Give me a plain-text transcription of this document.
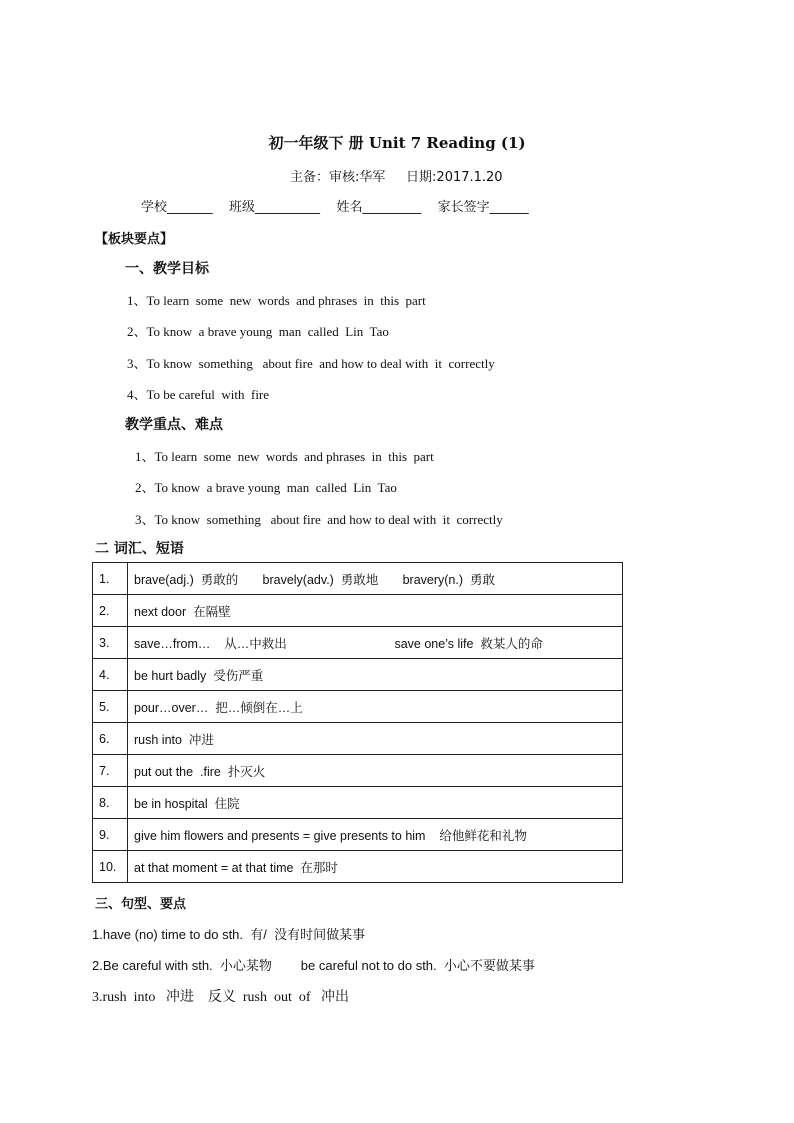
初一年级下 册 Unit 7 Reading (1)
主备：审核:华军     日期:2017.1.20
学校_______    班级__________    姓名_________    家长签字______
【板块要点】
一、教学目标
1、To learn  some  new  words  and phrases  in  this  part
2、To know  a brave young  man  called  Lin  Tao
3、To know  something   about fire  and how to deal with  it  correctly
4、To be careful  with  fire
教学重点、难点
1、To learn  some  new  words  and phrases  in  this  part
2、To know  a brave young  man  called  Lin  Tao
3、To know  something   about fire  and how to deal with  it  correctly
二 词汇、短语
1.	brave(adj.)  勇敢的       bravely(adv.)  勇敢地       bravery(n.)  勇敢
2.	next door  在隔壁
3.	save…from…    从…中救出                               save one’s life  救某人的命
4.	be hurt badly  受伤严重
5.	pour…over…  把…倾倒在…上
6.	rush into  冲进
7.	put out the  .fire  扑灭火
8.	be in hospital  住院
9.	give him flowers and presents = give presents to him    给他鲜花和礼物
10.	at that moment = at that time  在那时
三、句型、要点
1.have (no) time to do sth.  有/  没有时间做某事
2.Be careful with sth.  小心某物        be careful not to do sth.  小心不要做某事
3.rush  into   冲进    反义  rush  out  of   冲出
